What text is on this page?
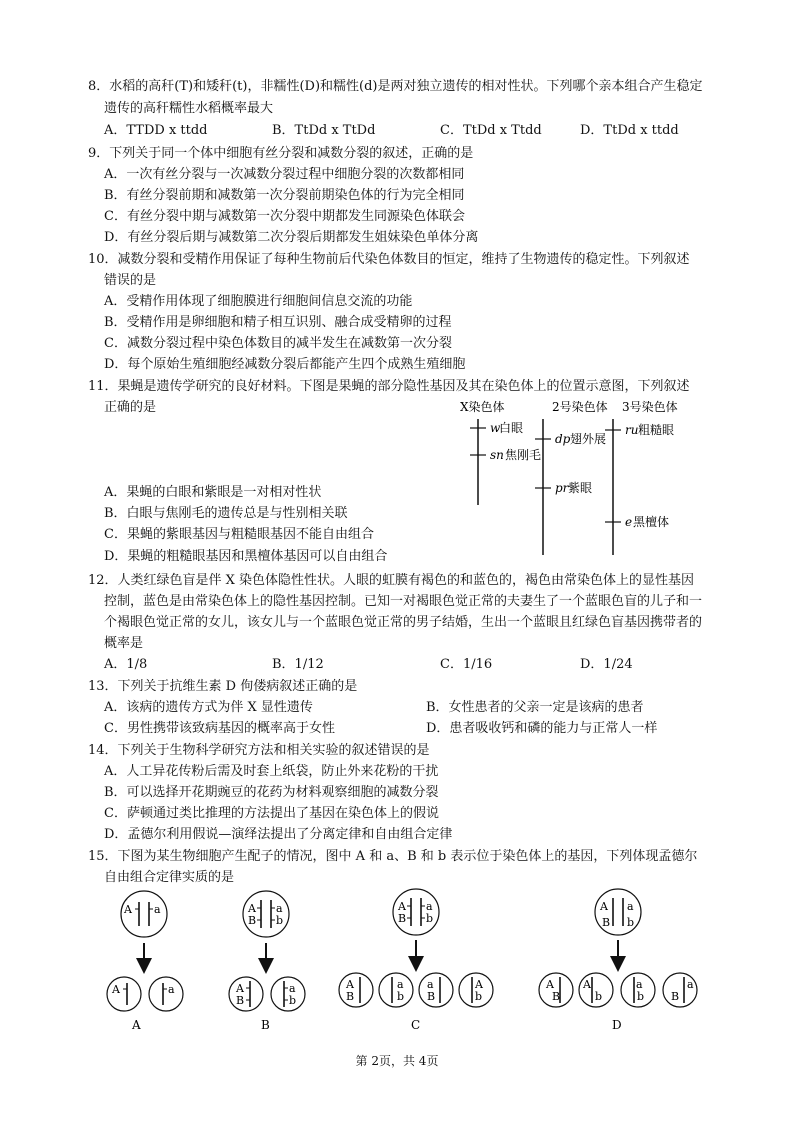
8．水稻的高秆(T)和矮秆(t)，非糯性(D)和糯性(d)是两对独立遗传的相对性状。下列哪个亲本组合产生稳定
遗传的高秆糯性水稻概率最大
A．TTDD x ttdd	B．TtDd x TtDd	C．TtDd x Ttdd	D．TtDd x ttdd
9．下列关于同一个体中细胞有丝分裂和减数分裂的叙述，正确的是
A．一次有丝分裂与一次减数分裂过程中细胞分裂的次数都相同
B．有丝分裂前期和减数第一次分裂前期染色体的行为完全相同
C．有丝分裂中期与减数第一次分裂中期都发生同源染色体联会
D．有丝分裂后期与减数第二次分裂后期都发生姐妹染色单体分离
10．减数分裂和受精作用保证了每种生物前后代染色体数目的恒定，维持了生物遗传的稳定性。下列叙述
错误的是
A．受精作用体现了细胞膜进行细胞间信息交流的功能
B．受精作用是卵细胞和精子相互识别、融合成受精卵的过程
C．减数分裂过程中染色体数目的减半发生在减数第一次分裂
D．每个原始生殖细胞经减数分裂后都能产生四个成熟生殖细胞
11．果蝇是遗传学研究的良好材料。下图是果蝇的部分隐性基因及其在染色体上的位置示意图，下列叙述
正确的是
A．果蝇的白眼和紫眼是一对相对性状
B．白眼与焦刚毛的遗传总是与性别相关联
C．果蝇的紫眼基因与粗糙眼基因不能自由组合
D．果蝇的粗糙眼基因和黑檀体基因可以自由组合
X染色体	2号染色体 3号染色体
w
白眼
sn 焦刚毛
dp 翅外展
pr 紫眼
ru 粗糙眼
e 黑檀体
12．人类红绿色盲是伴 X 染色体隐性性状。人眼的虹膜有褐色的和蓝色的，褐色由常染色体上的显性基因
控制，蓝色是由常染色体上的隐性基因控制。已知一对褐眼色觉正常的夫妻生了一个蓝眼色盲的儿子和一
个褐眼色觉正常的女儿，该女儿与一个蓝眼色觉正常的男子结婚，生出一个蓝眼且红绿色盲基因携带者的
概率是
A．1/8	B．1/12	C．1/16	D．1/24
13．下列关于抗维生素 D 佝偻病叙述正确的是
A．该病的遗传方式为伴 X 显性遗传	B．女性患者的父亲一定是该病的患者
C．男性携带该致病基因的概率高于女性	D．患者吸收钙和磷的能力与正常人一样
14．下列关于生物科学研究方法和相关实验的叙述错误的是
A．人工异花传粉后需及时套上纸袋，防止外来花粉的干扰
B．可以选择开花期豌豆的花药为材料观察细胞的减数分裂
C．萨顿通过类比推理的方法提出了基因在染色体上的假说
D．孟德尔利用假说—演绎法提出了分离定律和自由组合定律
15．下图为某生物细胞产生配子的情况，图中 A 和 a、B 和 b 表示位于染色体上的基因，下列体现孟德尔
自由组合定律实质的是
A a
A	a
A
A
B
a
b
A
B
a
b
B
A
B
a
b
A
B
a
b
a
B
A
b
C
A a
B b
A
B
A
b
a
b
a
B
D
第 2页，共 4页
